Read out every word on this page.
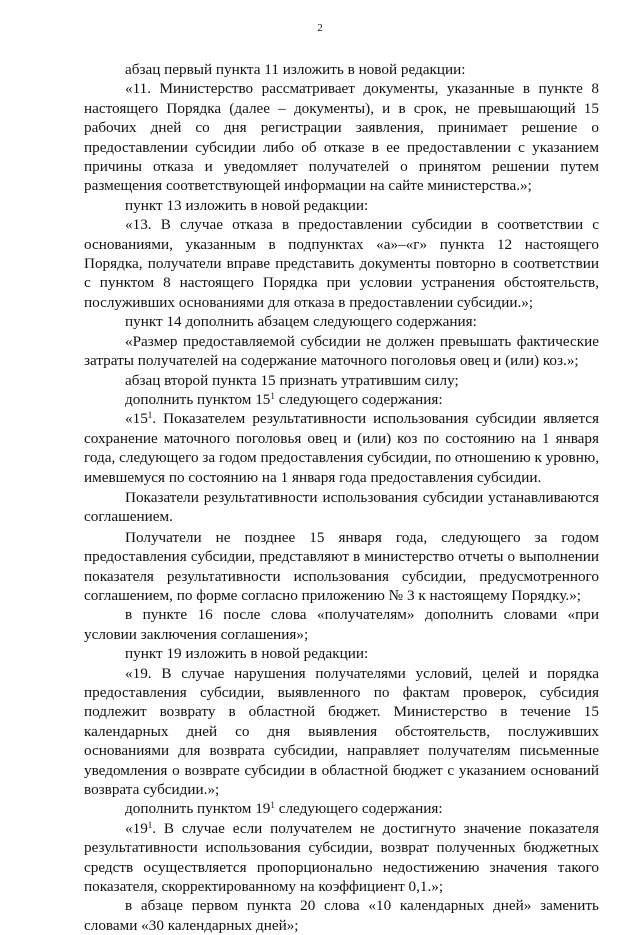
2

абзац первый пункта 11 изложить в новой редакции:

«11. Министерство рассматривает документы, указанные в пункте 8 настоящего Порядка (далее – документы), и в срок, не превышающий 15 рабочих дней со дня регистрации заявления, принимает решение о предоставлении субсидии либо об отказе в ее предоставлении с указанием причины отказа и уведомляет получателей о принятом решении путем размещения соответствующей информации на сайте министерства.»;

пункт 13 изложить в новой редакции:

«13. В случае отказа в предоставлении субсидии в соответствии с основаниями, указанным в подпунктах «а»–«г» пункта 12 настоящего Порядка, получатели вправе представить документы повторно в соответствии с пунктом 8 настоящего Порядка при условии устранения обстоятельств, послуживших основаниями для отказа в предоставлении субсидии.»;

пункт 14 дополнить абзацем следующего содержания:

«Размер предоставляемой субсидии не должен превышать фактические затраты получателей на содержание маточного поголовья овец и (или) коз.»;

абзац второй пункта 15 признать утратившим силу;

дополнить пунктом $15^1$ следующего содержания:

«$15^1$. Показателем результативности использования субсидии является сохранение маточного поголовья овец и (или) коз по состоянию на 1 января года, следующего за годом предоставления субсидии, по отношению к уровню, имевшемуся по состоянию на 1 января года предоставления субсидии.

Показатели результативности использования субсидии устанавливаются соглашением.

Получатели не позднее 15 января года, следующего за годом предоставления субсидии, представляют в министерство отчеты о выполнении показателя результативности использования субсидии, предусмотренного соглашением, по форме согласно приложению № 3 к настоящему Порядку.»;

в пункте 16 после слова «получателям» дополнить словами «при условии заключения соглашения»;

пункт 19 изложить в новой редакции:

«19. В случае нарушения получателями условий, целей и порядка предоставления субсидии, выявленного по фактам проверок, субсидия подлежит возврату в областной бюджет. Министерство в течение 15 календарных дней со дня выявления обстоятельств, послуживших основаниями для возврата субсидии, направляет получателям письменные уведомления о возврате субсидии в областной бюджет с указанием оснований возврата субсидии.»;

дополнить пунктом $19^1$ следующего содержания:

«$19^1$. В случае если получателем не достигнуто значение показателя результативности использования субсидии, возврат полученных бюджетных средств осуществляется пропорционально недостижению значения такого показателя, скорректированному на коэффициент 0,1.»;

в абзаце первом пункта 20 слова «10 календарных дней» заменить словами «30 календарных дней»;
